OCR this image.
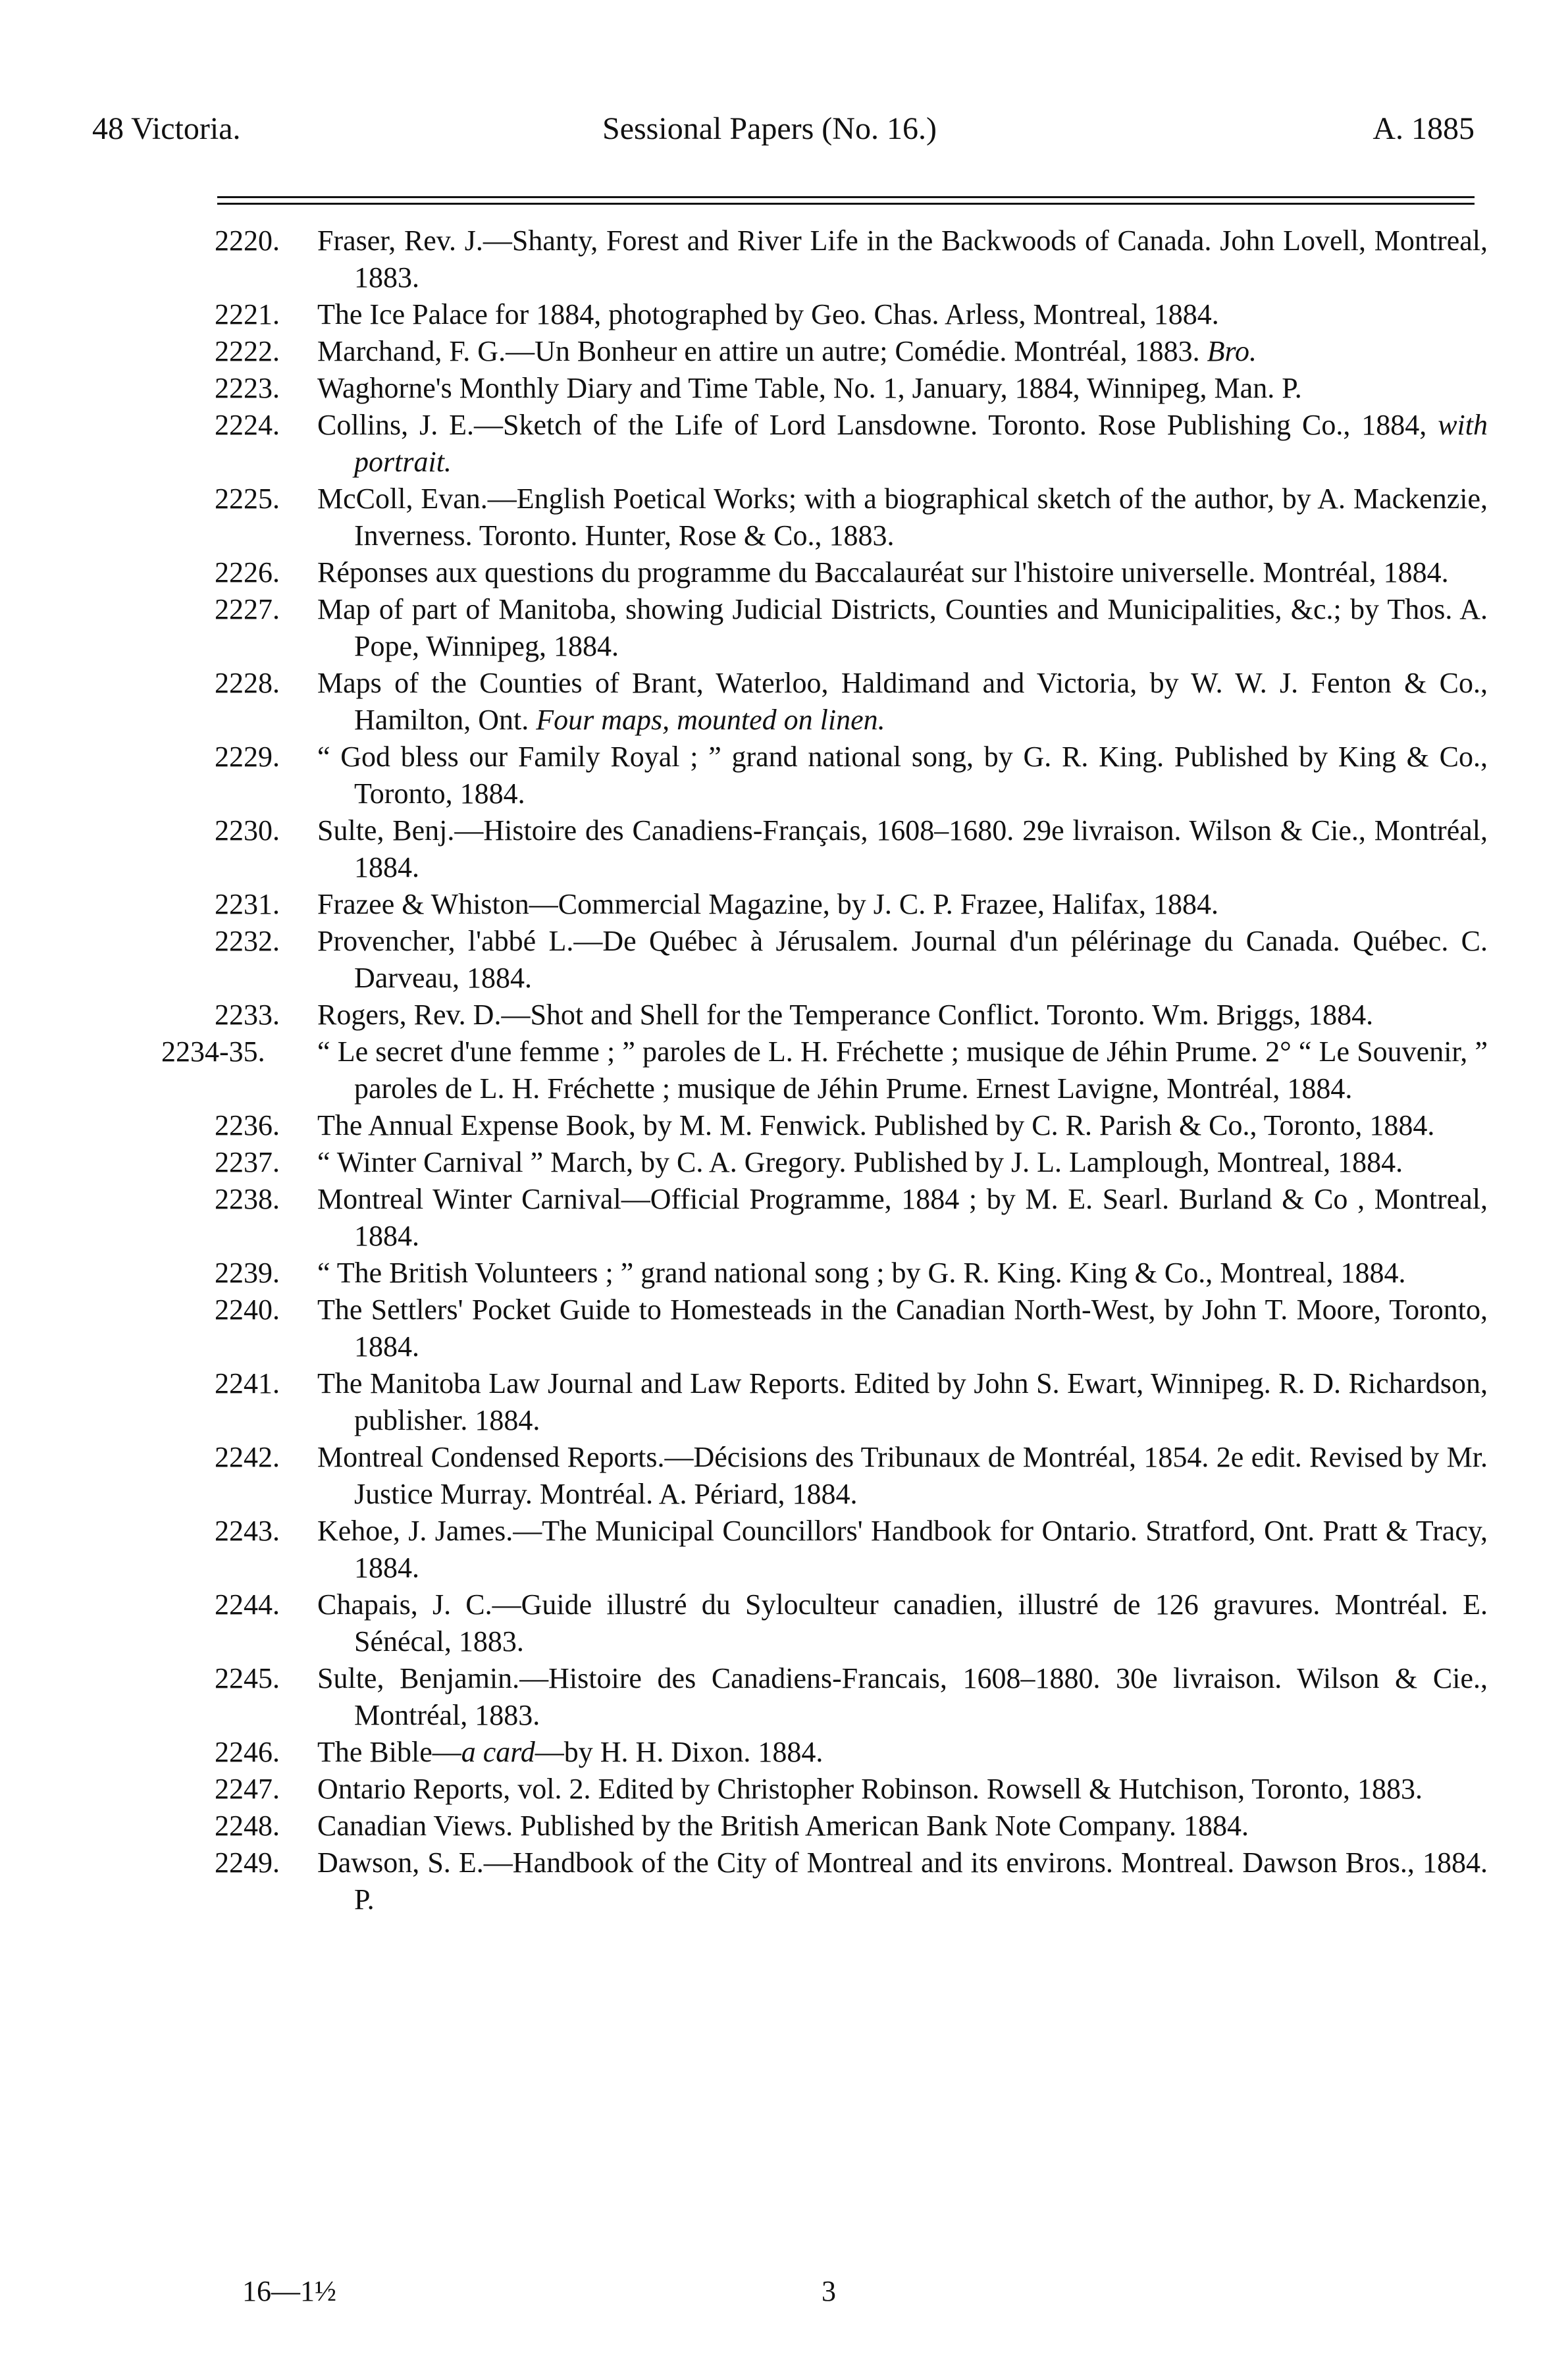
48 Victoria.	Sessional Papers (No. 16.)	A. 1885
2220. Fraser, Rev. J.—Shanty, Forest and River Life in the Backwoods of Canada. John Lovell, Montreal, 1883.
2221. The Ice Palace for 1884, photographed by Geo. Chas. Arless, Montreal, 1884.
2222. Marchand, F. G.—Un Bonheur en attire un autre; Comédie. Montréal, 1883. Bro.
2223. Waghorne's Monthly Diary and Time Table, No. 1, January, 1884, Winnipeg, Man. P.
2224. Collins, J. E.—Sketch of the Life of Lord Lansdowne. Toronto. Rose Publishing Co., 1884, with portrait.
2225. McColl, Evan.—English Poetical Works; with a biographical sketch of the author, by A. Mackenzie, Inverness. Toronto. Hunter, Rose & Co., 1883.
2226. Réponses aux questions du programme du Baccalauréat sur l'histoire universelle. Montréal, 1884.
2227. Map of part of Manitoba, showing Judicial Districts, Counties and Municipalities, &c.; by Thos. A. Pope, Winnipeg, 1884.
2228. Maps of the Counties of Brant, Waterloo, Haldimand and Victoria, by W. W. J. Fenton & Co., Hamilton, Ont. Four maps, mounted on linen.
2229. “ God bless our Family Royal ; ” grand national song, by G. R. King. Published by King & Co., Toronto, 1884.
2230. Sulte, Benj.—Histoire des Canadiens-Français, 1608–1680. 29e livraison. Wilson & Cie., Montréal, 1884.
2231. Frazee & Whiston—Commercial Magazine, by J. C. P. Frazee, Halifax, 1884.
2232. Provencher, l'abbé L.—De Québec à Jérusalem. Journal d'un pélérinage du Canada. Québec. C. Darveau, 1884.
2233. Rogers, Rev. D.—Shot and Shell for the Temperance Conflict. Toronto. Wm. Briggs, 1884.
2234-35. “ Le secret d'une femme ; ” paroles de L. H. Fréchette ; musique de Jéhin Prume. 2° “ Le Souvenir, ” paroles de L. H. Fréchette ; musique de Jéhin Prume. Ernest Lavigne, Montréal, 1884.
2236. The Annual Expense Book, by M. M. Fenwick. Published by C. R. Parish & Co., Toronto, 1884.
2237. “ Winter Carnival ” March, by C. A. Gregory. Published by J. L. Lamplough, Montreal, 1884.
2238. Montreal Winter Carnival—Official Programme, 1884 ; by M. E. Searl. Burland & Co , Montreal, 1884.
2239. “ The British Volunteers ; ” grand national song ; by G. R. King. King & Co., Montreal, 1884.
2240. The Settlers' Pocket Guide to Homesteads in the Canadian North-West, by John T. Moore, Toronto, 1884.
2241. The Manitoba Law Journal and Law Reports. Edited by John S. Ewart, Winnipeg. R. D. Richardson, publisher. 1884.
2242. Montreal Condensed Reports.—Décisions des Tribunaux de Montréal, 1854. 2e edit. Revised by Mr. Justice Murray. Montréal. A. Périard, 1884.
2243. Kehoe, J. James.—The Municipal Councillors' Handbook for Ontario. Stratford, Ont. Pratt & Tracy, 1884.
2244. Chapais, J. C.—Guide illustré du Syloculteur canadien, illustré de 126 gravures. Montréal. E. Sénécal, 1883.
2245. Sulte, Benjamin.—Histoire des Canadiens-Francais, 1608–1880. 30e livraison. Wilson & Cie., Montréal, 1883.
2246. The Bible—a card—by H. H. Dixon. 1884.
2247. Ontario Reports, vol. 2. Edited by Christopher Robinson. Rowsell & Hutchison, Toronto, 1883.
2248. Canadian Views. Published by the British American Bank Note Company. 1884.
2249. Dawson, S. E.—Handbook of the City of Montreal and its environs. Montreal. Dawson Bros., 1884. P.
16—1½	3
